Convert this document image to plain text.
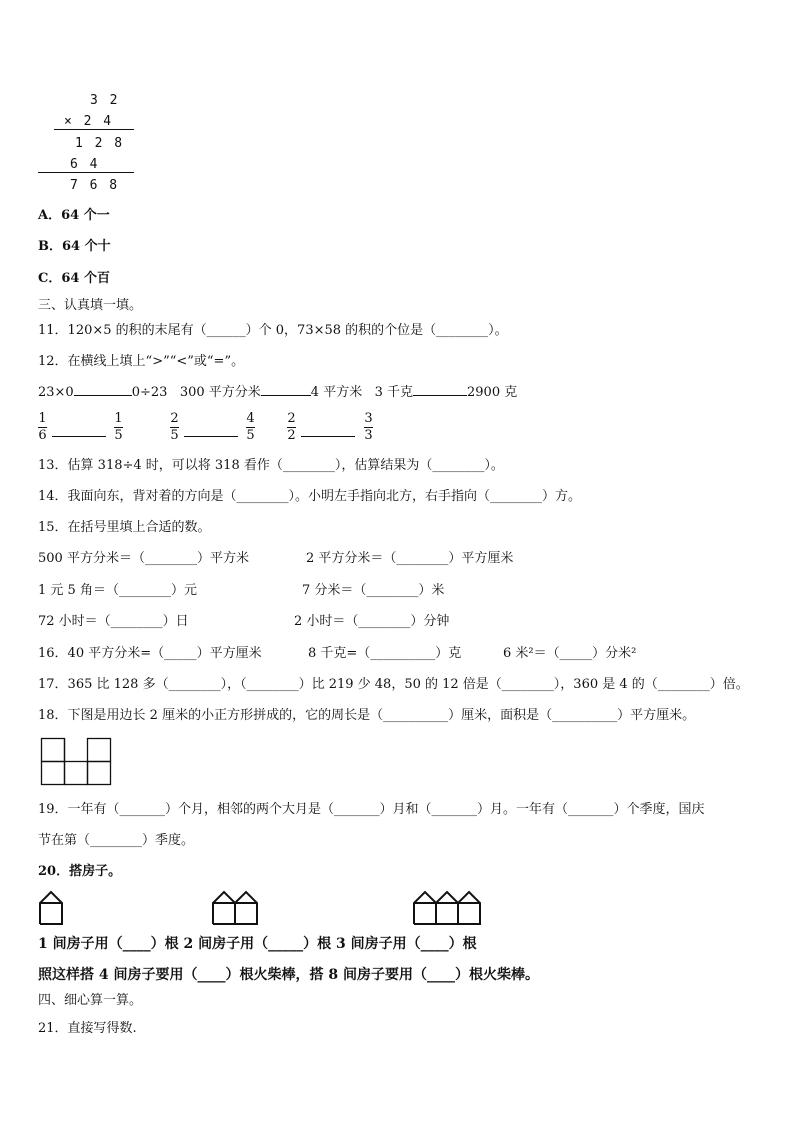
3 2
× 2 4
1 2 8
6 4
7 6 8
A．64 个一
B．64 个十
C．64 个百
三、认真填一填。
11．120×5 的积的末尾有（______）个 0，73×58 的积的个位是（________）。
12．在横线上填上“>”“<”或“=”。
23×0	0÷23 300 平方分米	4 平方米 3 千克	2900 克
1
6
1
5
2
5
4
5
2
2
3
3
13．估算 318÷4 时，可以将 318 看作（________），估算结果为（________）。
14．我面向东，背对着的方向是（________）。小明左手指向北方，右手指向（________）方。
15．在括号里填上合适的数。
500 平方分米＝（________）平方米	2 平方分米＝（________）平方厘米
1 元 5 角＝（________）元	7 分米＝（________）米
72 小时＝（________）日	2 小时＝（________）分钟
16．40 平方分米=（_____）平方厘米	8 千克=（__________）克	6 米²＝（_____）分米²
17．365 比 128 多（________），（________）比 219 少 48，50 的 12 倍是（________），360 是 4 的（________）倍。
18．下图是用边长 2 厘米的小正方形拼成的，它的周长是（__________）厘米，面积是（__________）平方厘米。
19．一年有（_______）个月，相邻的两个大月是（_______）月和（_______）月。一年有（_______）个季度，国庆
节在第（________）季度。
20．搭房子。
1 间房子用（____）根 2 间房子用（_____）根 3 间房子用（____）根
照这样搭 4 间房子要用（____）根火柴棒，搭 8 间房子要用（____）根火柴棒。
四、细心算一算。
21．直接写得数.
